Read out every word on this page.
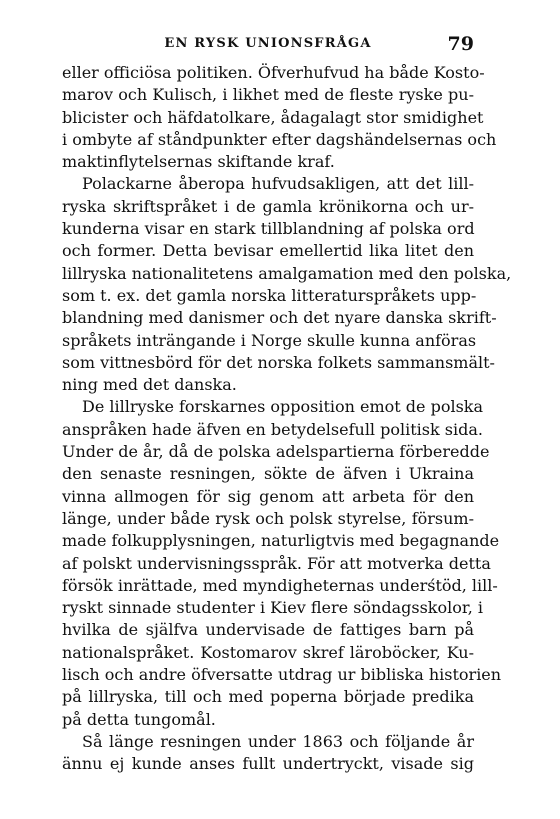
EN RYSK UNIONSFRÅGA	79
eller officiösa politiken. Öfverhufvud ha både Kosto-
marov och Kulisch, i likhet med de fleste ryske pu-
blicister och häfdatolkare, ådagalagt stor smidighet
i ombyte af ståndpunkter efter dagshändelsernas och
maktinflytelsernas skiftande kraf.
Polackarne åberopa hufvudsakligen, att det lill-
ryska skriftspråket i de gamla krönikorna och ur-
kunderna visar en stark tillblandning af polska ord
och former. Detta bevisar emellertid lika litet den
lillryska nationalitetens amalgamation med den polska,
som t. ex. det gamla norska litteraturspråkets upp-
blandning med danismer och det nyare danska skrift-
språkets inträngande i Norge skulle kunna anföras
som vittnesbörd för det norska folkets sammansmält-
ning med det danska.
De lillryske forskarnes opposition emot de polska
anspråken hade äfven en betydelsefull politisk sida.
Under de år, då de polska adelspartierna förberedde
den senaste resningen, sökte de äfven i Ukraina
vinna allmogen för sig genom att arbeta för den
länge, under både rysk och polsk styrelse, försum-
made folkupplysningen, naturligtvis med begagnande
af polskt undervisningsspråk. För att motverka detta
försök inrättade, med myndigheternas underśtöd, lill-
ryskt sinnade studenter i Kiev flere söndagsskolor, i
hvilka de själfva undervisade de fattiges barn på
nationalspråket. Kostomarov skref läroböcker, Ku-
lisch och andre öfversatte utdrag ur bibliska historien
på lillryska, till och med poperna började predika
på detta tungomål.
Så länge resningen under 1863 och följande år
ännu ej kunde anses fullt undertryckt, visade sig
